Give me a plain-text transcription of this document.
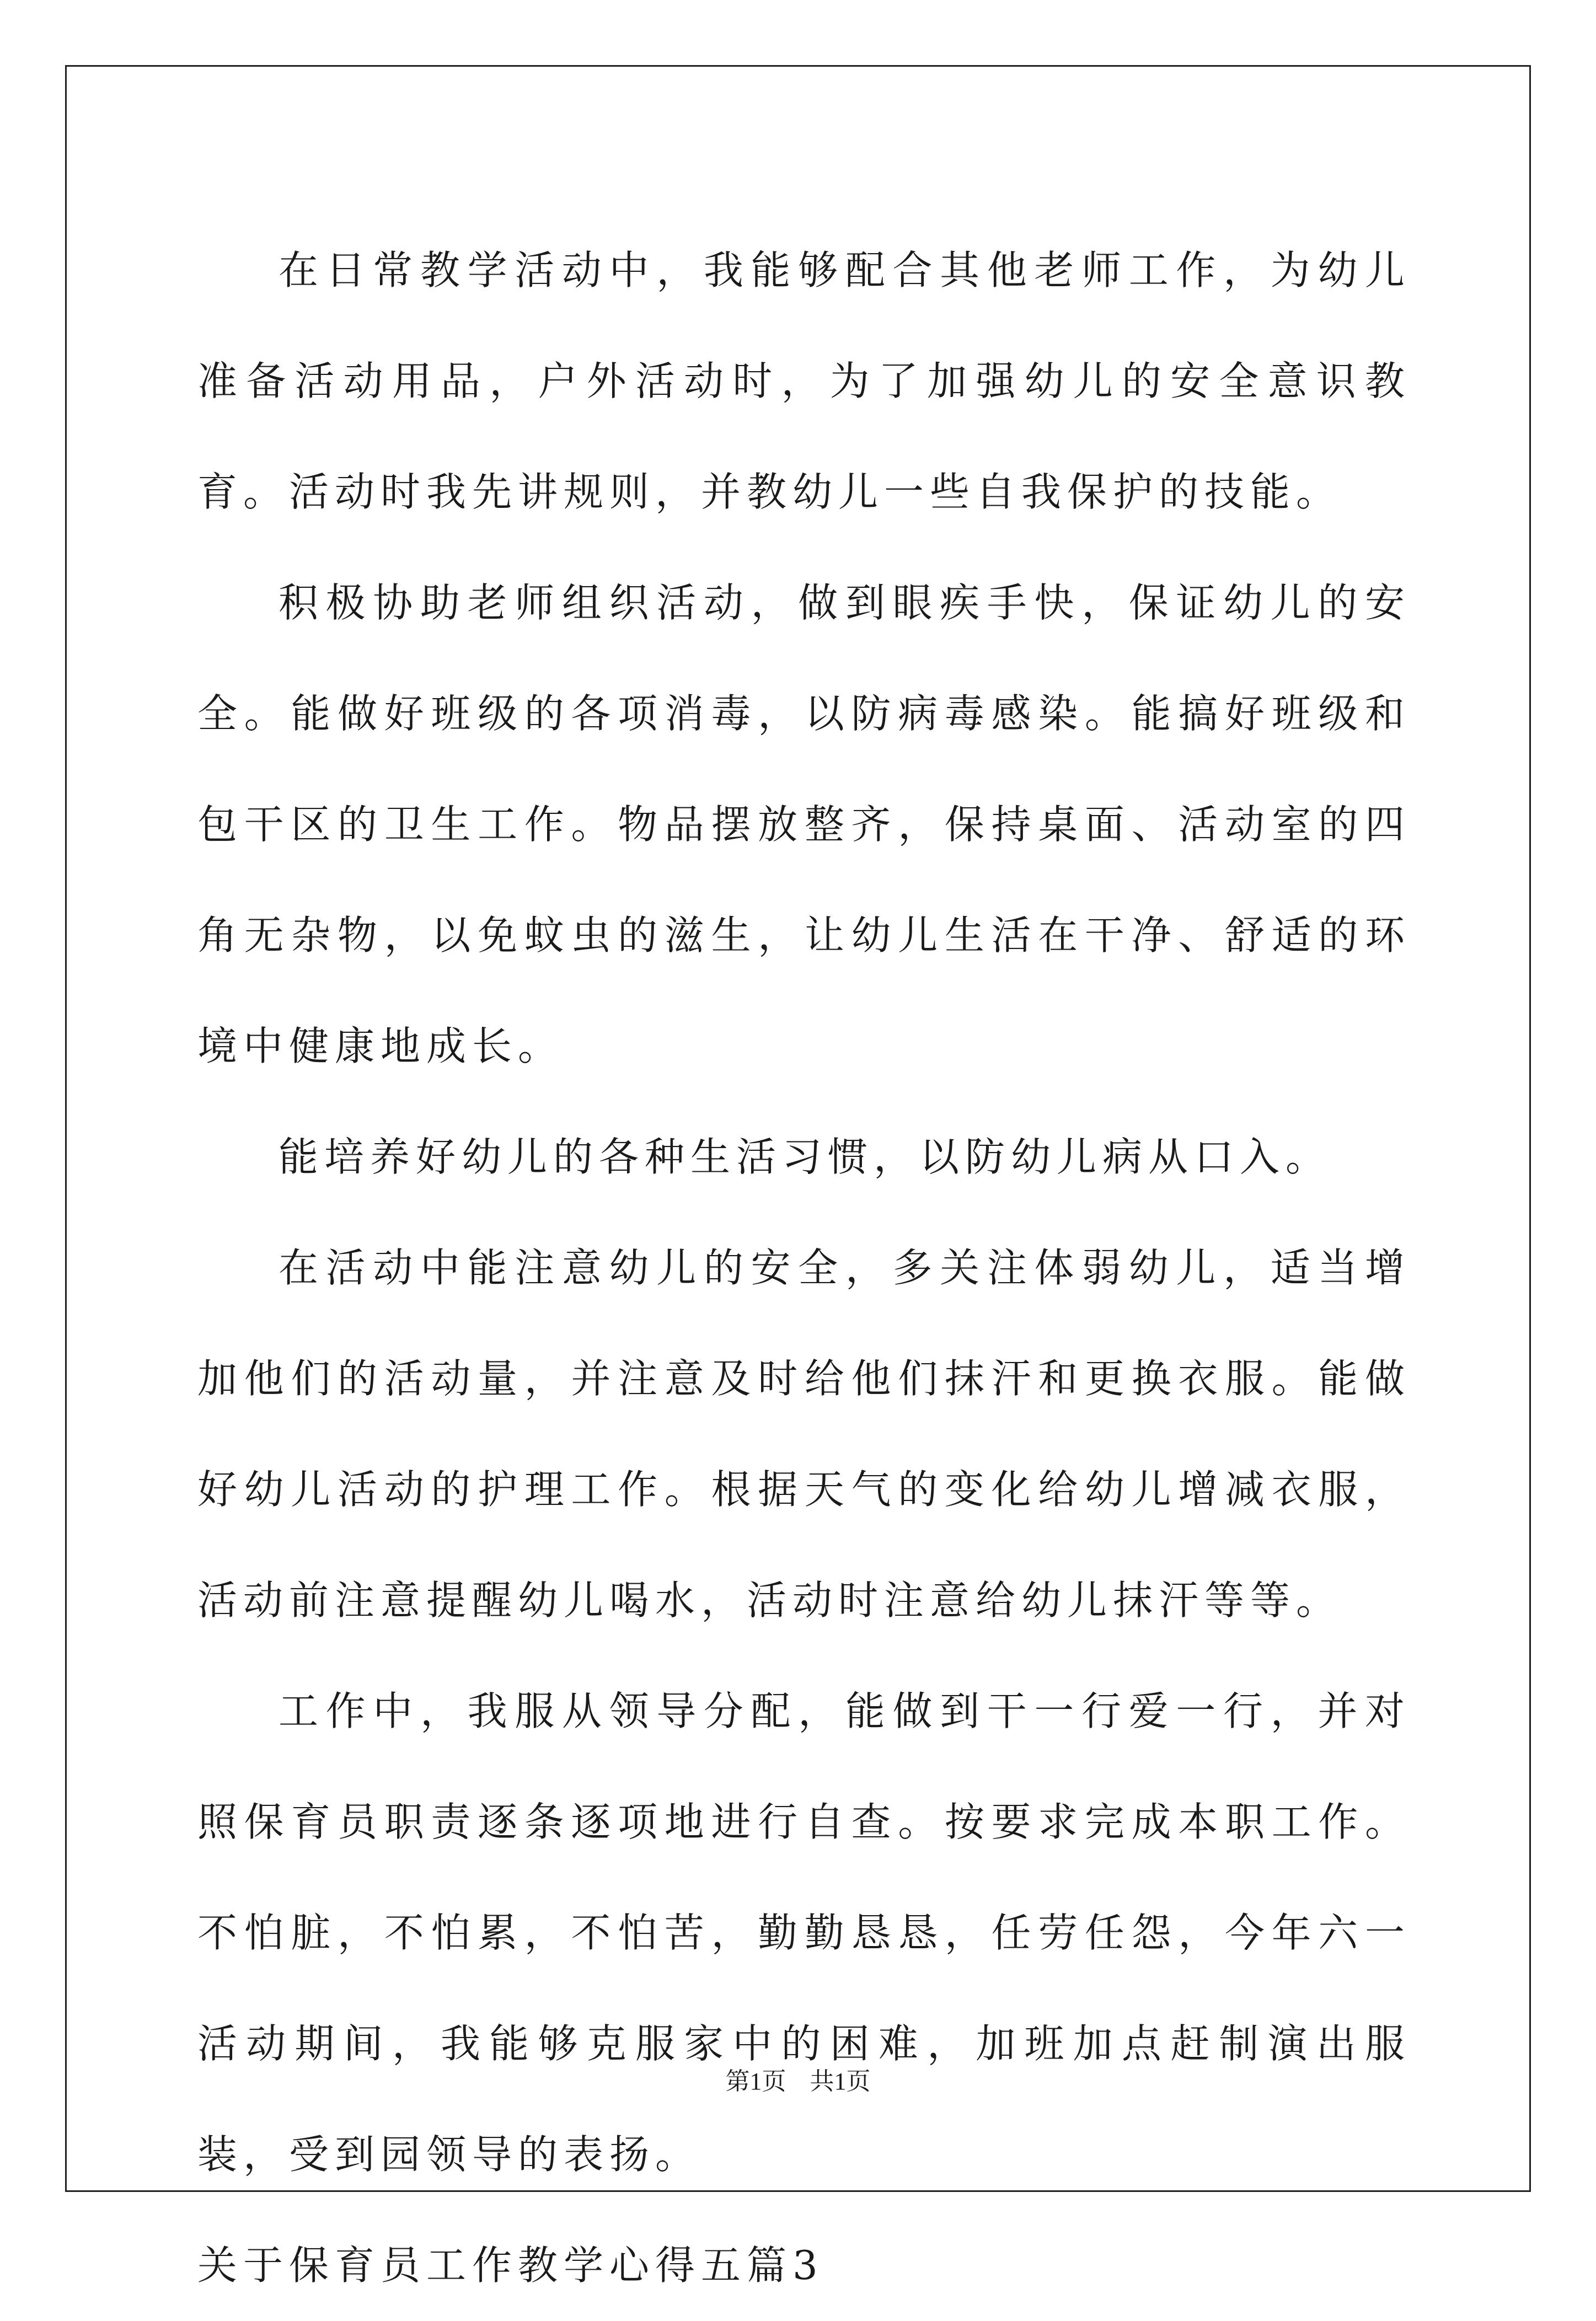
在日常教学活动中，我能够配合其他老师工作，为幼儿准备活动用品，户外活动时，为了加强幼儿的安全意识教育。活动时我先讲规则，并教幼儿一些自我保护的技能。

积极协助老师组织活动，做到眼疾手快，保证幼儿的安全。能做好班级的各项消毒，以防病毒感染。能搞好班级和包干区的卫生工作。物品摆放整齐，保持桌面、活动室的四角无杂物，以免蚊虫的滋生，让幼儿生活在干净、舒适的环境中健康地成长。

能培养好幼儿的各种生活习惯，以防幼儿病从口入。

在活动中能注意幼儿的安全，多关注体弱幼儿，适当增加他们的活动量，并注意及时给他们抹汗和更换衣服。能做好幼儿活动的护理工作。根据天气的变化给幼儿增减衣服，活动前注意提醒幼儿喝水，活动时注意给幼儿抹汗等等。

工作中，我服从领导分配，能做到干一行爱一行，并对照保育员职责逐条逐项地进行自查。按要求完成本职工作。不怕脏，不怕累，不怕苦，勤勤恳恳，任劳任怨，今年六一活动期间，我能够克服家中的困难，加班加点赶制演出服装，受到园领导的表扬。

关于保育员工作教学心得五篇3

第1页 共1页
